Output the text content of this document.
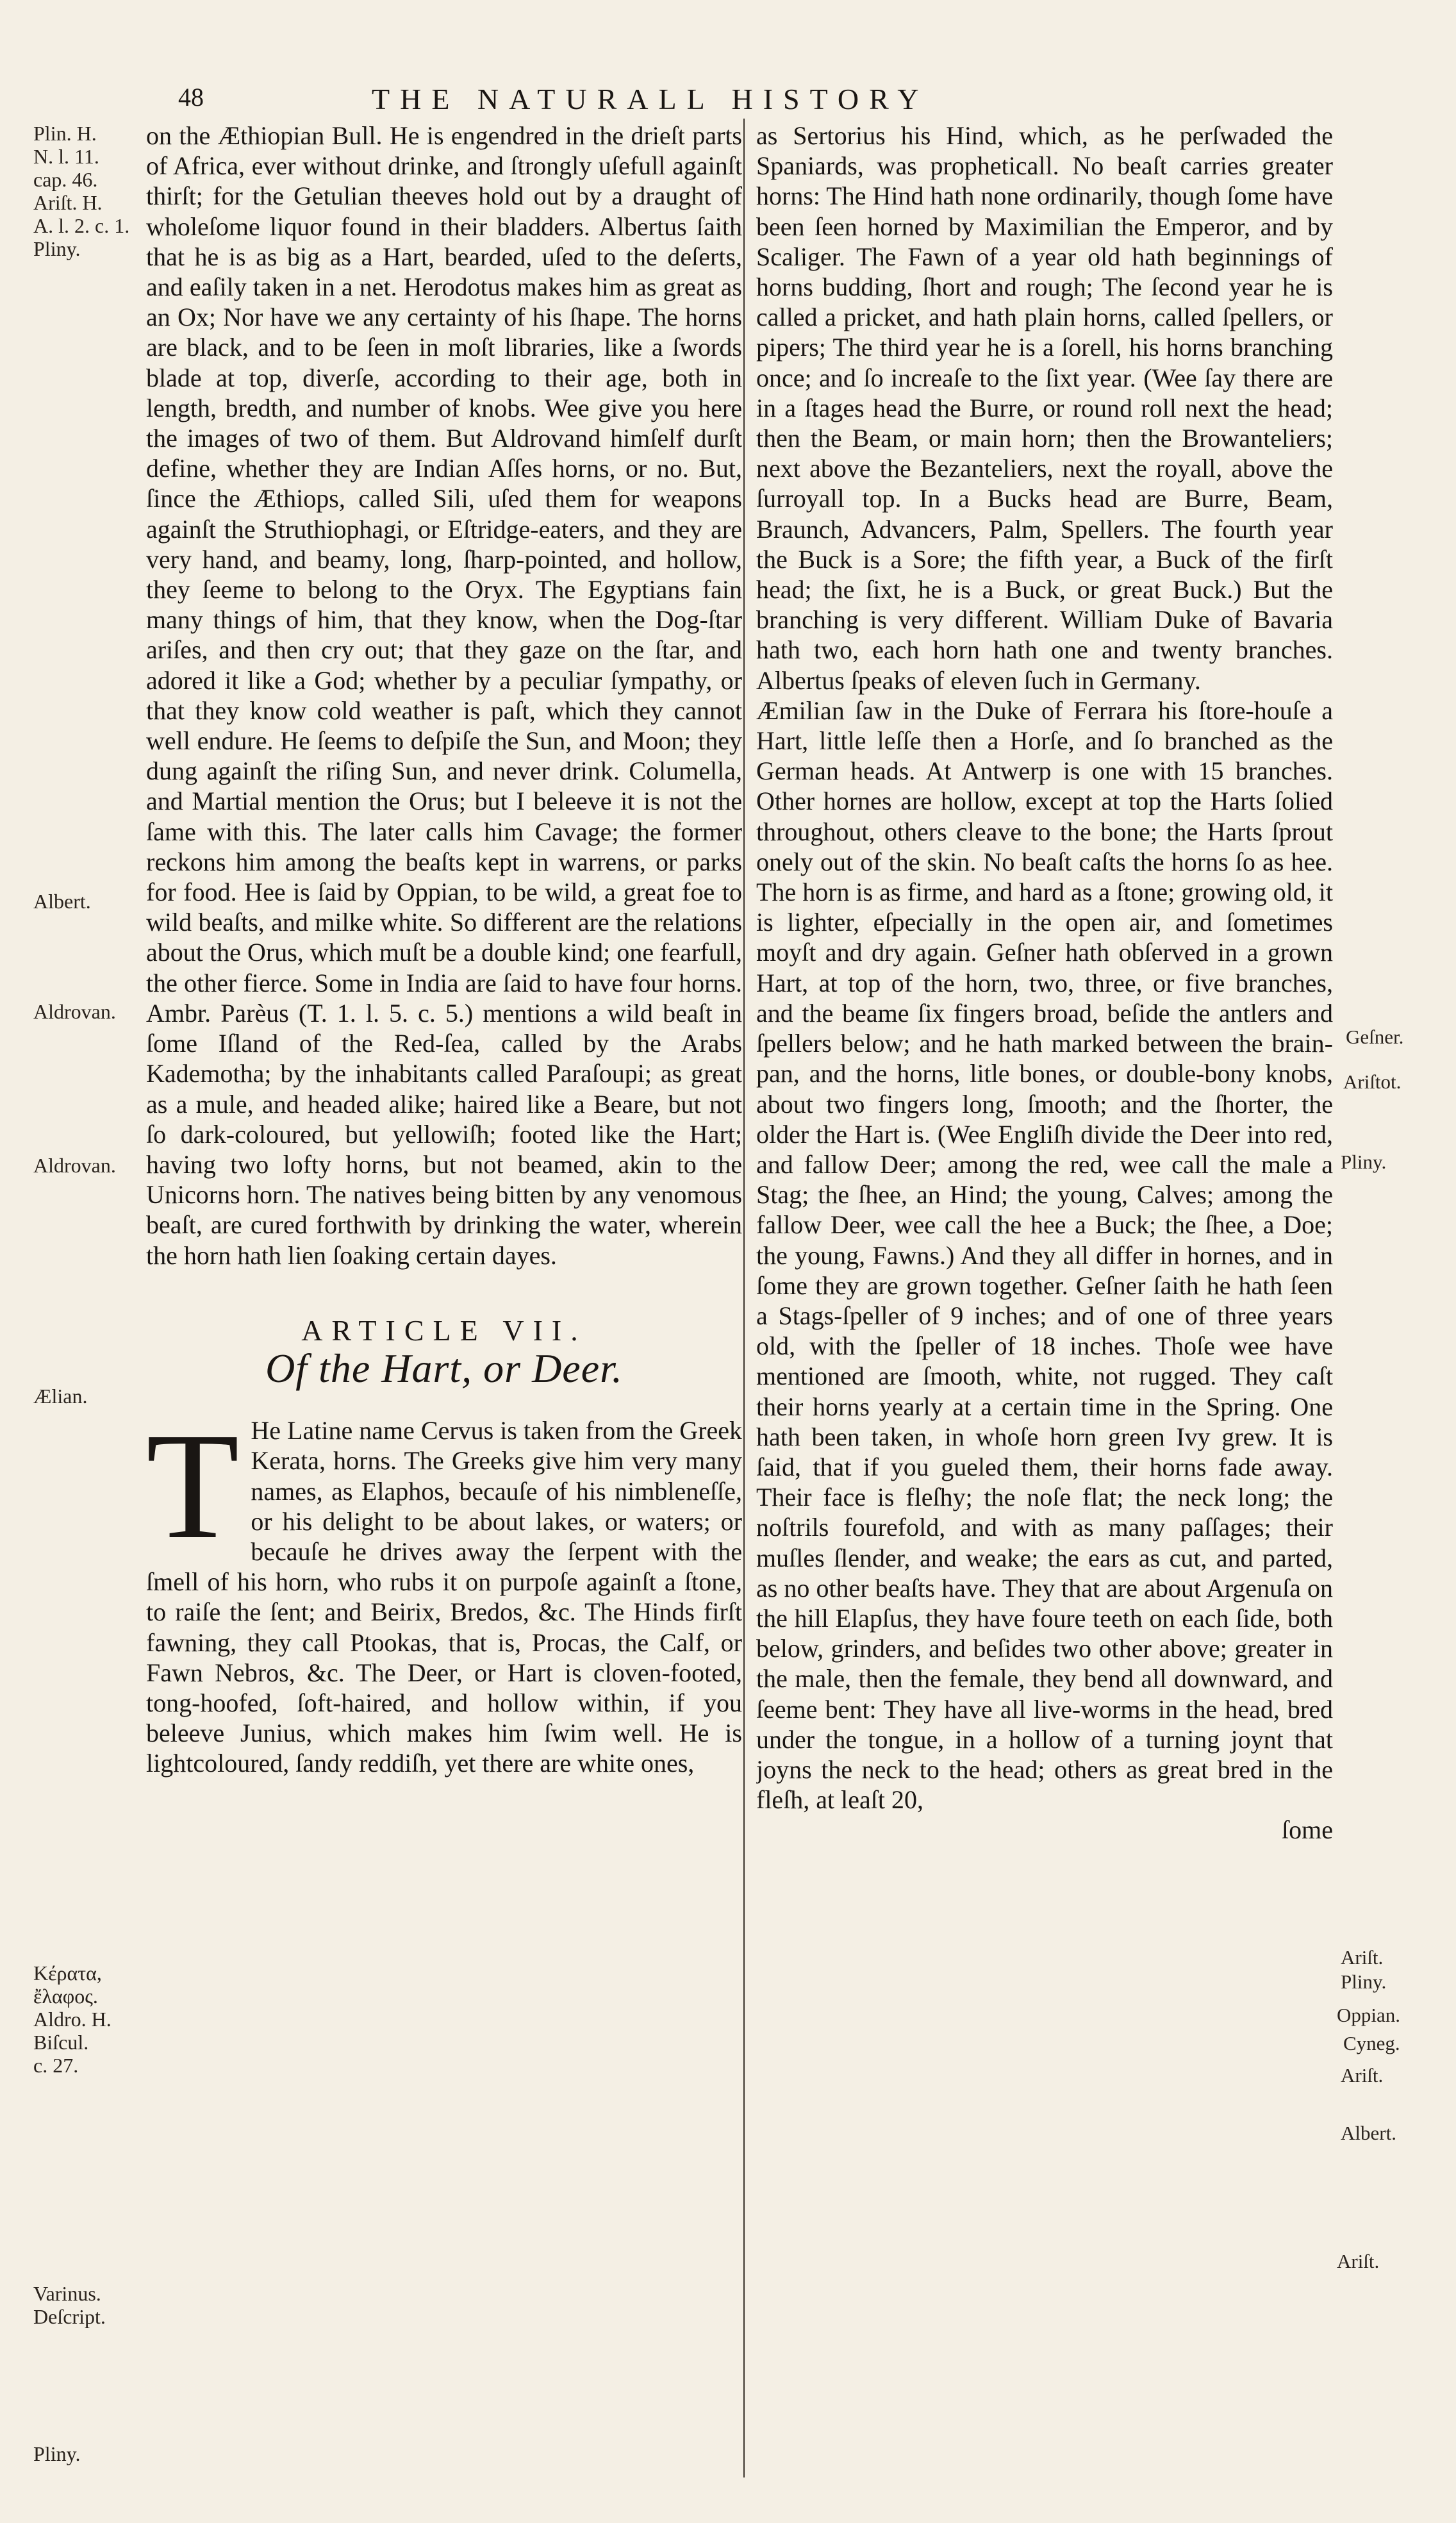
48	THE NATURALL HISTORY
Plin. H.
N. l. 11.
cap. 46.
Ariſt. H.
A. l. 2. c. 1.
Pliny.
Albert.
Aldrovan.
Aldrovan.
Ælian.
Κέρατα,
ἔλαφος.
Aldro. H.
Biſcul.
c. 27.
Varinus.
Deſcript.
Pliny.
Geſner.
Ariſtot.
Pliny.
Ariſt.
Pliny.
Oppian.
Cyneg.
Ariſt.
Albert.
Ariſt.

on the Æthiopian Bull. He is engendred in the drieſt parts of Africa, ever without drinke, and ſtrongly uſefull againſt thirſt; for the Getulian theeves hold out by a draught of wholeſome liquor found in their bladders. Albertus ſaith that he is as big as a Hart, bearded, uſed to the deſerts, and eaſily taken in a net. Herodotus makes him as great as an Ox; Nor have we any certainty of his ſhape. The horns are black, and to be ſeen in moſt libraries, like a ſwords blade at top, diverſe, according to their age, both in length, bredth, and number of knobs. Wee give you here the images of two of them. But Aldrovand himſelf durſt define, whether they are Indian Aſſes horns, or no. But, ſince the Æthiops, called Sili, uſed them for weapons againſt the Struthiophagi, or Eſtridge-eaters, and they are very hand, and beamy, long, ſharp-pointed, and hollow, they ſeeme to belong to the Oryx. The Egyptians fain many things of him, that they know, when the Dog-ſtar ariſes, and then cry out; that they gaze on the ſtar, and adored it like a God; whether by a peculiar ſympathy, or that they know cold weather is paſt, which they cannot well endure. He ſeems to deſpiſe the Sun, and Moon; they dung againſt the riſing Sun, and never drink. Columella, and Martial mention the Orus; but I beleeve it is not the ſame with this. The later calls him Cavage; the former reckons him among the beaſts kept in warrens, or parks for food. Hee is ſaid by Oppian, to be wild, a great foe to wild beaſts, and milke white. So different are the relations about the Orus, which muſt be a double kind; one fearfull, the other fierce. Some in India are ſaid to have four horns. Ambr. Parèus (T. 1. l. 5. c. 5.) mentions a wild beaſt in ſome Iſland of the Red-ſea, called by the Arabs Kademotha; by the inhabitants called Paraſoupi; as great as a mule, and headed alike; haired like a Beare, but not ſo dark-coloured, but yellowiſh; footed like the Hart; having two lofty horns, but not beamed, akin to the Unicorns horn. The natives being bitten by any venomous beaſt, are cured forthwith by drinking the water, wherein the horn hath lien ſoaking certain dayes.

ARTICLE VII.
Of the Hart, or Deer.

T He Latine name Cervus is taken from the Greek Kerata, horns. The Greeks give him very many names, as Elaphos, becauſe of his nimbleneſſe, or his delight to be about lakes, or waters; or becauſe he drives away the ſerpent with the ſmell of his horn, who rubs it on purpoſe againſt a ſtone, to raiſe the ſent; and Beirix, Bredos, &c. The Hinds firſt fawning, they call Ptookas, that is, Procas, the Calf, or Fawn Nebros, &c. The Deer, or Hart is cloven-footed, tong-hoofed, ſoft-haired, and hollow within, if you beleeve Junius, which makes him ſwim well. He is lightcoloured, ſandy reddiſh, yet there are white ones,

as Sertorius his Hind, which, as he perſwaded the Spaniards, was propheticall. No beaſt carries greater horns: The Hind hath none ordinarily, though ſome have been ſeen horned by Maximilian the Emperor, and by Scaliger. The Fawn of a year old hath beginnings of horns budding, ſhort and rough; The ſecond year he is called a pricket, and hath plain horns, called ſpellers, or pipers; The third year he is a ſorell, his horns branching once; and ſo increaſe to the ſixt year. (Wee ſay there are in a ſtages head the Burre, or round roll next the head; then the Beam, or main horn; then the Browanteliers; next above the Bezanteliers, next the royall, above the ſurroyall top. In a Bucks head are Burre, Beam, Braunch, Advancers, Palm, Spellers. The fourth year the Buck is a Sore; the fifth year, a Buck of the firſt head; the ſixt, he is a Buck, or great Buck.) But the branching is very different. William Duke of Bavaria hath two, each horn hath one and twenty branches. Albertus ſpeaks of eleven ſuch in Germany.

Æmilian ſaw in the Duke of Ferrara his ſtore-houſe a Hart, little leſſe then a Horſe, and ſo branched as the German heads. At Antwerp is one with 15 branches. Other hornes are hollow, except at top the Harts ſolied throughout, others cleave to the bone; the Harts ſprout onely out of the skin. No beaſt caſts the horns ſo as hee. The horn is as firme, and hard as a ſtone; growing old, it is lighter, eſpecially in the open air, and ſometimes moyſt and dry again. Geſner hath obſerved in a grown Hart, at top of the horn, two, three, or five branches, and the beame ſix fingers broad, beſide the antlers and ſpellers below; and he hath marked between the brain-pan, and the horns, litle bones, or double-bony knobs, about two fingers long, ſmooth; and the ſhorter, the older the Hart is. (Wee Engliſh divide the Deer into red, and fallow Deer; among the red, wee call the male a Stag; the ſhee, an Hind; the young, Calves; among the fallow Deer, wee call the hee a Buck; the ſhee, a Doe; the young, Fawns.) And they all differ in hornes, and in ſome they are grown together. Geſner ſaith he hath ſeen a Stags-ſpeller of 9 inches; and of one of three years old, with the ſpeller of 18 inches. Thoſe wee have mentioned are ſmooth, white, not rugged. They caſt their horns yearly at a certain time in the Spring. One hath been taken, in whoſe horn green Ivy grew. It is ſaid, that if you gueled them, their horns fade away. Their face is fleſhy; the noſe flat; the neck long; the noſtrils fourefold, and with as many paſſages; their muſles ſlender, and weake; the ears as cut, and parted, as no other beaſts have. They that are about Argenuſa on the hill Elapſus, they have foure teeth on each ſide, both below, grinders, and beſides two other above; greater in the male, then the female, they bend all downward, and ſeeme bent: They have all live-worms in the head, bred under the tongue, in a hollow of a turning joynt that joyns the neck to the head; others as great bred in the fleſh, at leaſt 20,

ſome
